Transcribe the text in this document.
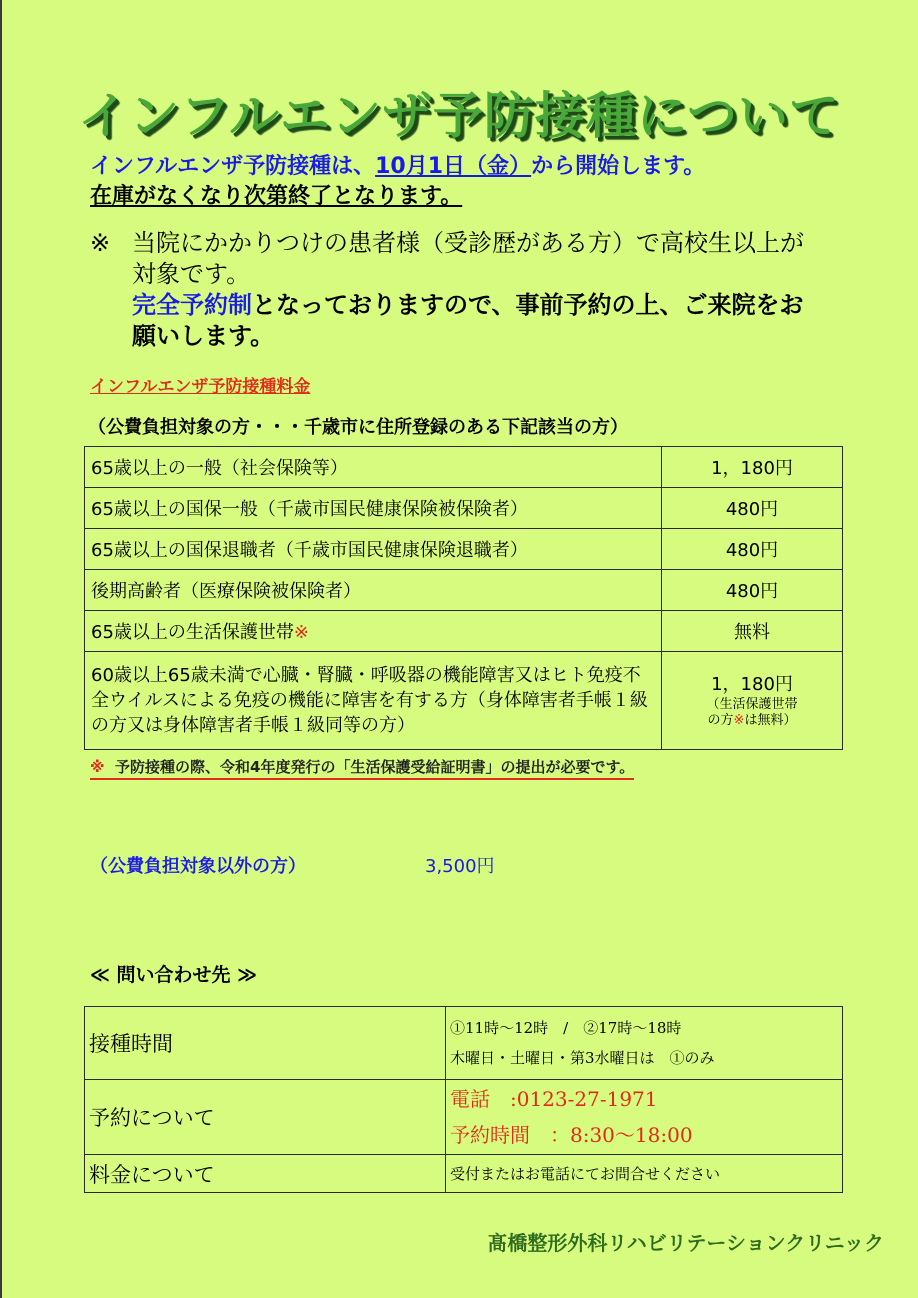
インフルエンザ予防接種について
インフルエンザ予防接種は、10月1日（金）から開始します。
在庫がなくなり次第終了となります。
※ 当院にかかりつけの患者様（受診歴がある方）で高校生以上が対象です。
完全予約制となっておりますので、事前予約の上、ご来院をお願いします。
インフルエンザ予防接種料金
（公費負担対象の方・・・千歳市に住所登録のある下記該当の方）
65歳以上の一般（社会保険等）	1，180円
65歳以上の国保一般（千歳市国民健康保険被保険者）	480円
65歳以上の国保退職者（千歳市国民健康保険退職者）	480円
後期高齢者（医療保険被保険者）	480円
65歳以上の生活保護世帯※	無料
60歳以上65歳未満で心臓・腎臓・呼吸器の機能障害又はヒト免疫不全ウイルスによる免疫の機能に障害を有する方（身体障害者手帳１級の方又は身体障害者手帳１級同等の方）	1，180円
（生活保護世帯
の方※は無料）
※ 予防接種の際、令和4年度発行の「生活保護受給証明書」の提出が必要です。
（公費負担対象以外の方）	3,500円
≪ 問い合わせ先 ≫
接種時間	①11時～12時　/　②17時～18時
木曜日・土曜日・第3水曜日は　①のみ

予約について	電話　:0123-27-1971
予約時間　：8:30～18:00

料金について	受付またはお電話にてお問合せください
髙橋整形外科リハビリテーションクリニック
